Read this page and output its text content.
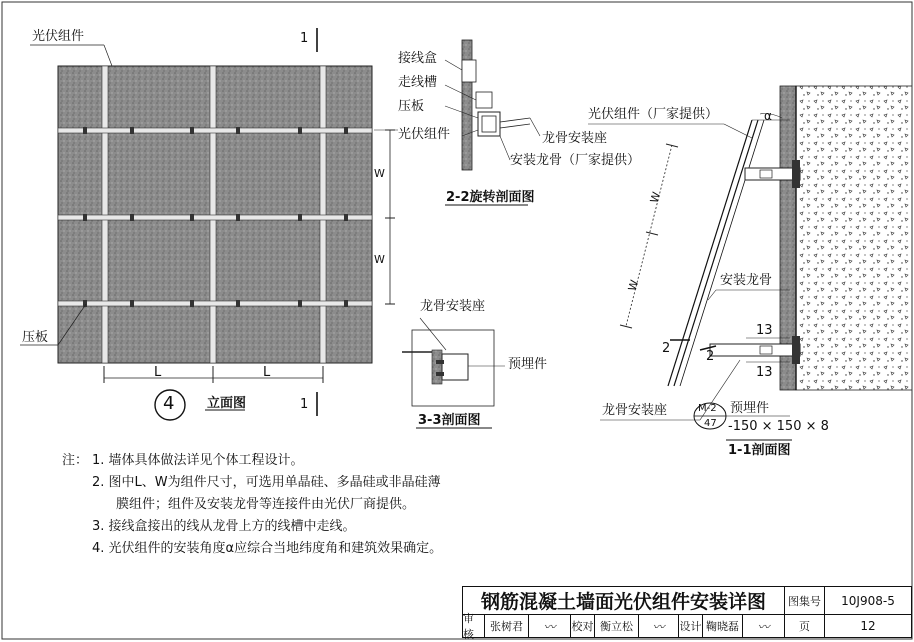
光伏组件	1
压板
W
W
L	L
4	立面图	1
接线盒
走线槽
压板
光伏组件	龙骨安装座
安装龙骨（厂家提供）
2-2旋转剖面图
龙骨安装座
预埋件
3-3剖面图
光伏组件（厂家提供）	α
W
W	安装龙骨
13
13
2
2
龙骨安装座	M-2
47
预埋件
-150 × 150 × 8
1-1剖面图
注： 1. 墙体具体做法详见个体工程设计。
2. 图中L、W为组件尺寸，可选用单晶硅、多晶硅或非晶硅薄
膜组件；组件及安装龙骨等连接件由光伏厂商提供。
3. 接线盒接出的线从龙骨上方的线槽中走线。
4. 光伏组件的安装角度α应综合当地纬度角和建筑效果确定。
钢筋混凝土墙面光伏组件安装详图	图集号	10J908-5
审核
张树君	〰	校对 衡立松	〰	设计 鞠晓磊	〰	页	12
